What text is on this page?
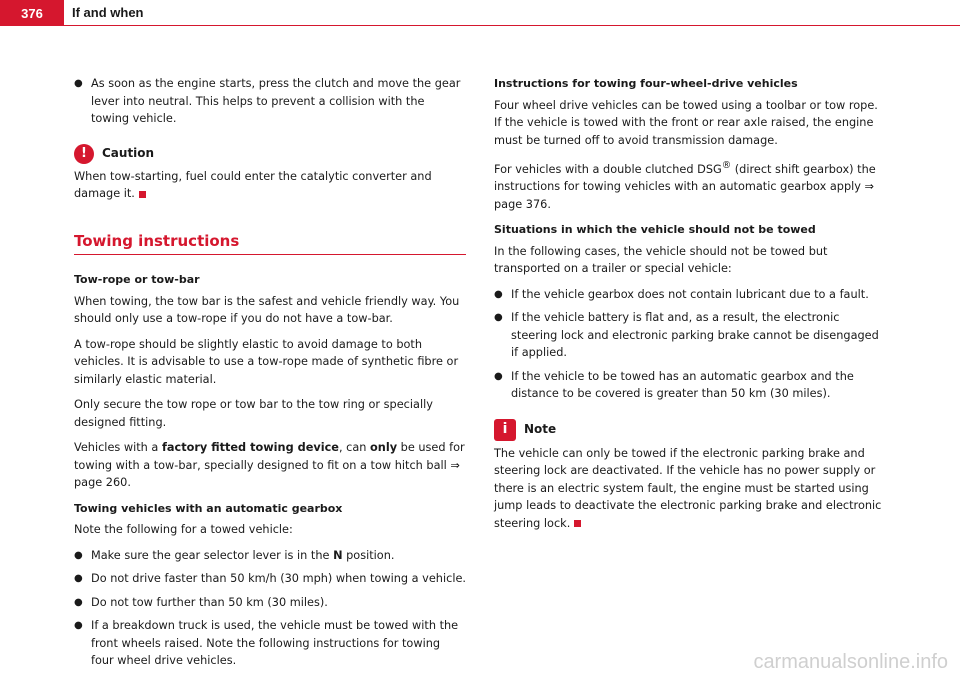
376	If and when
● As soon as the engine starts, press the clutch and move the gear lever into neutral. This helps to prevent a collision with the towing vehicle.
!	Caution

When tow-starting, fuel could enter the catalytic converter and damage it.

Towing instructions
Tow-rope or tow-bar

When towing, the tow bar is the safest and vehicle friendly way. You should only use a tow-rope if you do not have a tow-bar.

A tow-rope should be slightly elastic to avoid damage to both vehicles. It is advisable to use a tow-rope made of synthetic fibre or similarly elastic material.

Only secure the tow rope or tow bar to the tow ring or specially designed fitting.

Vehicles with a factory fitted towing device, can only be used for towing with a tow-bar, specially designed to fit on a tow hitch ball ⇒ page 260.

Towing vehicles with an automatic gearbox

Note the following for a towed vehicle:

● Make sure the gear selector lever is in the N position.
● Do not drive faster than 50 km/h (30 mph) when towing a vehicle.
● Do not tow further than 50 km (30 miles).
● If a breakdown truck is used, the vehicle must be towed with the front wheels raised. Note the following instructions for towing four wheel drive vehicles.
Instructions for towing four-wheel-drive vehicles

Four wheel drive vehicles can be towed using a toolbar or tow rope. If the vehicle is towed with the front or rear axle raised, the engine must be turned off to avoid transmission damage.

For vehicles with a double clutched DSG® (direct shift gearbox) the instructions for towing vehicles with an automatic gearbox apply ⇒ page 376.

Situations in which the vehicle should not be towed

In the following cases, the vehicle should not be towed but transported on a trailer or special vehicle:

● If the vehicle gearbox does not contain lubricant due to a fault.
● If the vehicle battery is flat and, as a result, the electronic steering lock and electronic parking brake cannot be disengaged if applied.
● If the vehicle to be towed has an automatic gearbox and the distance to be covered is greater than 50 km (30 miles).
i	Note

The vehicle can only be towed if the electronic parking brake and steering lock are deactivated. If the vehicle has no power supply or there is an electric system fault, the engine must be started using jump leads to deactivate the electronic parking brake and electronic steering lock.

carmanualsonline.info
